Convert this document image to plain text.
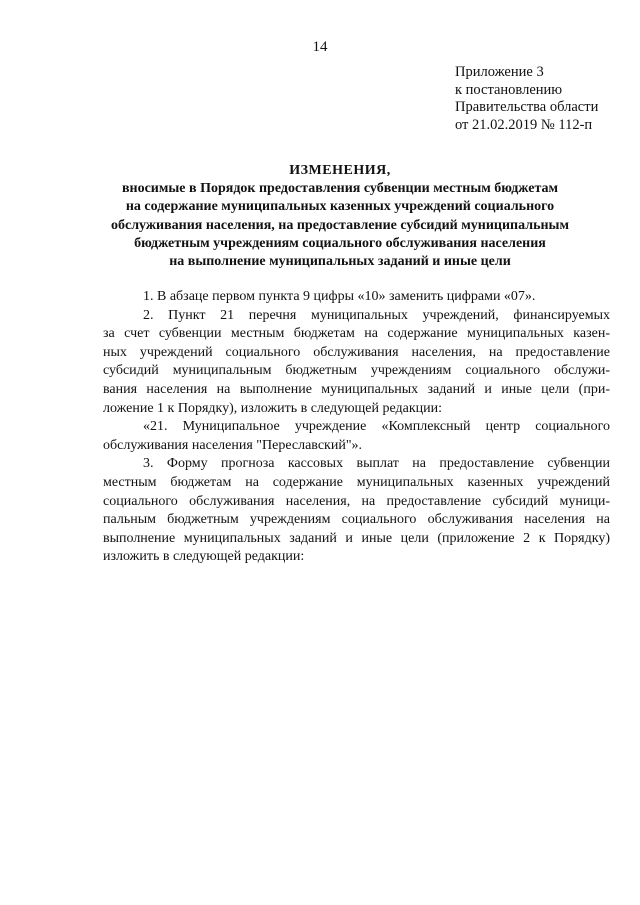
14
Приложение 3
к постановлению
Правительства области
от 21.02.2019 № 112-п
ИЗМЕНЕНИЯ,
вносимые в Порядок предоставления субвенции местным бюджетам
на содержание муниципальных казенных учреждений социального
обслуживания населения, на предоставление субсидий муниципальным
бюджетным учреждениям социального обслуживания населения
на выполнение муниципальных заданий и иные цели

1. В абзаце первом пункта 9 цифры «10» заменить цифрами «07».

2. Пункт 21 перечня муниципальных учреждений, финансируемых
за счет субвенции местным бюджетам на содержание муниципальных казен-
ных учреждений социального обслуживания населения, на предоставление
субсидий муниципальным бюджетным учреждениям социального обслужи-
вания населения на выполнение муниципальных заданий и иные цели (при-
ложение 1 к Порядку), изложить в следующей редакции:

«21. Муниципальное учреждение «Комплексный центр социального
обслуживания населения "Переславский"».

3. Форму прогноза кассовых выплат на предоставление субвенции
местным бюджетам на содержание муниципальных казенных учреждений
социального обслуживания населения, на предоставление субсидий муници-
пальным бюджетным учреждениям социального обслуживания населения на
выполнение муниципальных заданий и иные цели (приложение 2 к Порядку)
изложить в следующей редакции:
